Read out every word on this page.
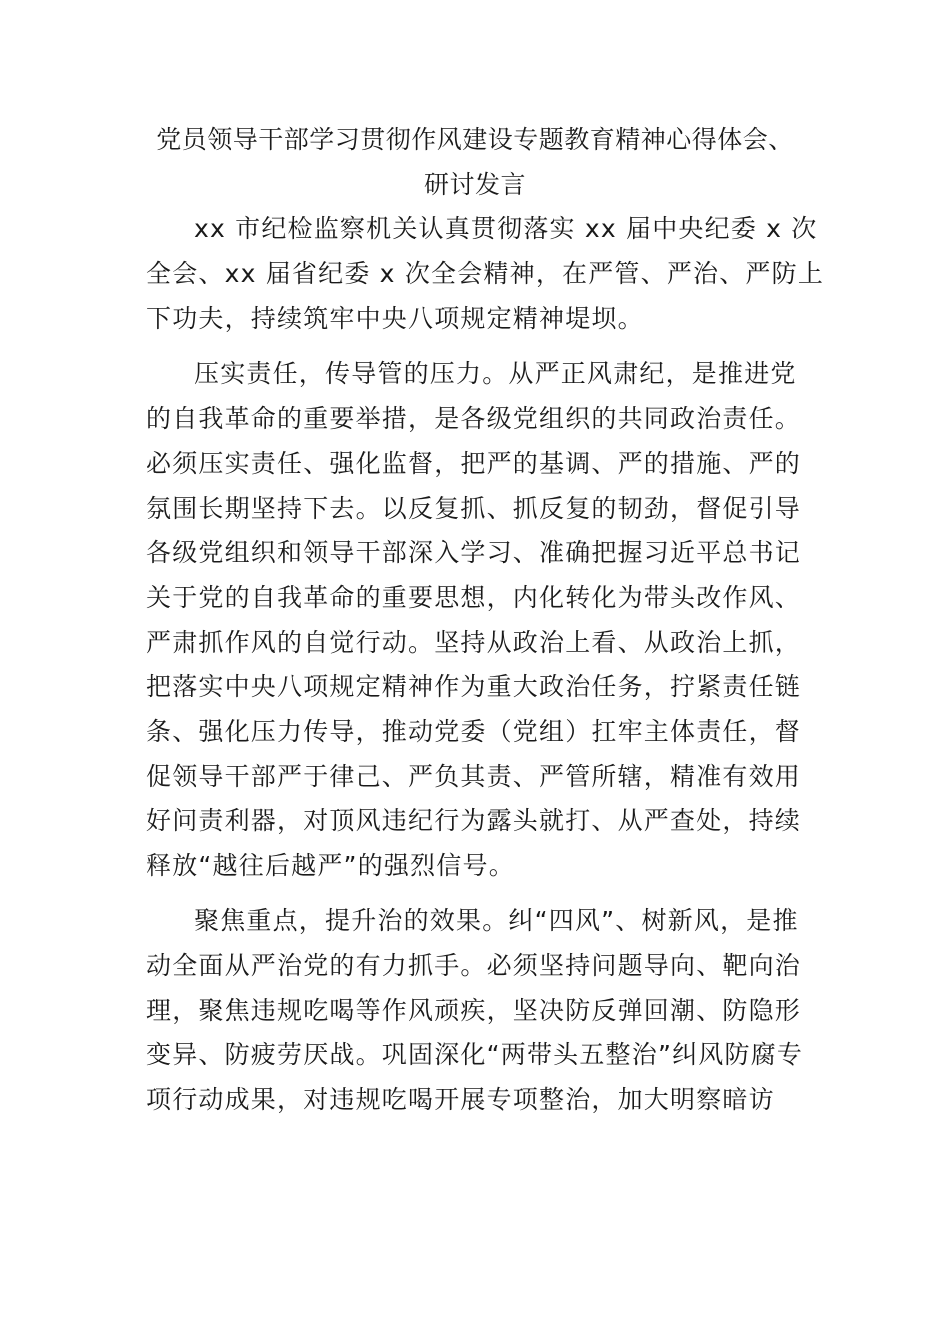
党员领导干部学习贯彻作风建设专题教育精神心得体会、
研讨发言

xx 市纪检监察机关认真贯彻落实 xx 届中央纪委 x 次

全会、xx 届省纪委 x 次全会精神，在严管、严治、严防上

下功夫，持续筑牢中央八项规定精神堤坝。

压实责任，传导管的压力。从严正风肃纪，是推进党

的自我革命的重要举措，是各级党组织的共同政治责任。

必须压实责任、强化监督，把严的基调、严的措施、严的

氛围长期坚持下去。以反复抓、抓反复的韧劲，督促引导

各级党组织和领导干部深入学习、准确把握习近平总书记

关于党的自我革命的重要思想，内化转化为带头改作风、

严肃抓作风的自觉行动。坚持从政治上看、从政治上抓，

把落实中央八项规定精神作为重大政治任务，拧紧责任链

条、强化压力传导，推动党委（党组）扛牢主体责任，督

促领导干部严于律己、严负其责、严管所辖，精准有效用

好问责利器，对顶风违纪行为露头就打、从严查处，持续

释放“越往后越严”的强烈信号。

聚焦重点，提升治的效果。纠“四风”、树新风，是推

动全面从严治党的有力抓手。必须坚持问题导向、靶向治

理，聚焦违规吃喝等作风顽疾，坚决防反弹回潮、防隐形

变异、防疲劳厌战。巩固深化“两带头五整治”纠风防腐专

项行动成果，对违规吃喝开展专项整治，加大明察暗访
